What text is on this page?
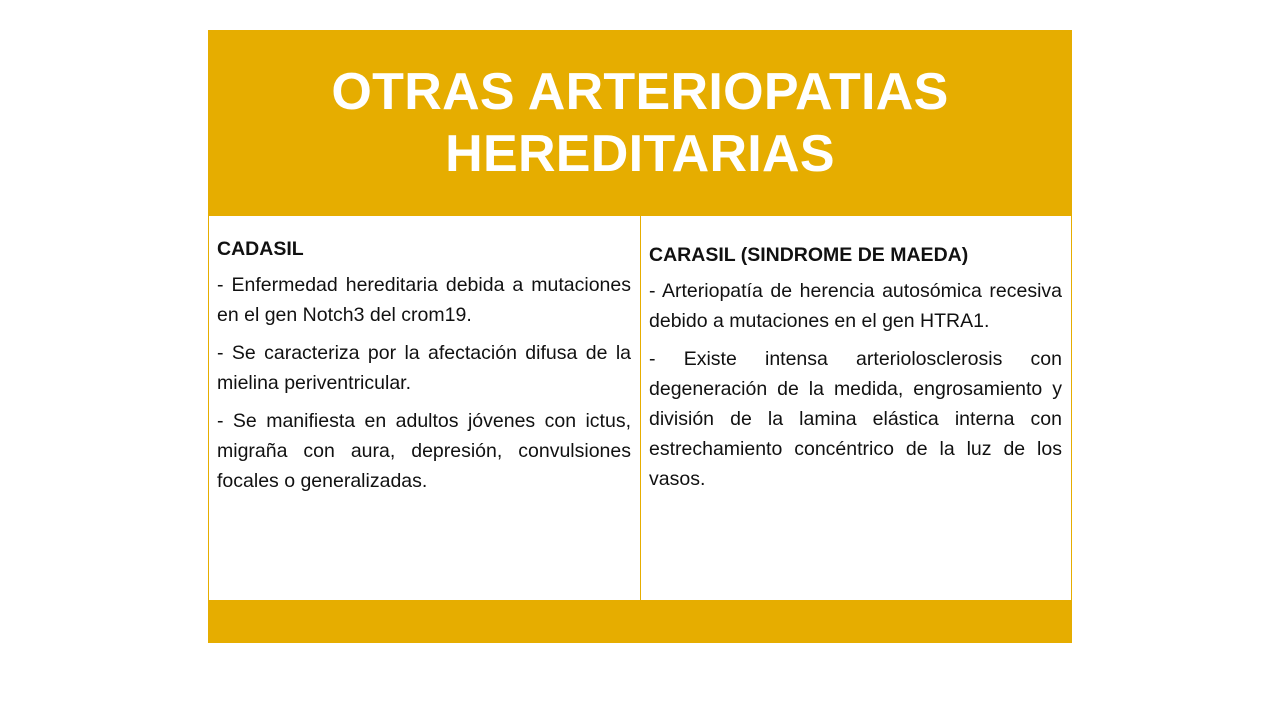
OTRAS ARTERIOPATIAS HEREDITARIAS

CADASIL

- Enfermedad hereditaria debida a mutaciones en el gen Notch3 del crom19.

- Se caracteriza por la afectación difusa de la mielina periventricular.

- Se manifiesta en adultos jóvenes con ictus, migraña con aura, depresión, convulsiones focales o generalizadas.

CARASIL (SINDROME DE MAEDA)

- Arteriopatía de herencia autosómica recesiva debido a mutaciones en el gen HTRA1.

- Existe intensa arteriolosclerosis con degeneración de la medida, engrosamiento y división de la lamina elástica interna con estrechamiento concéntrico de la luz de los vasos.
